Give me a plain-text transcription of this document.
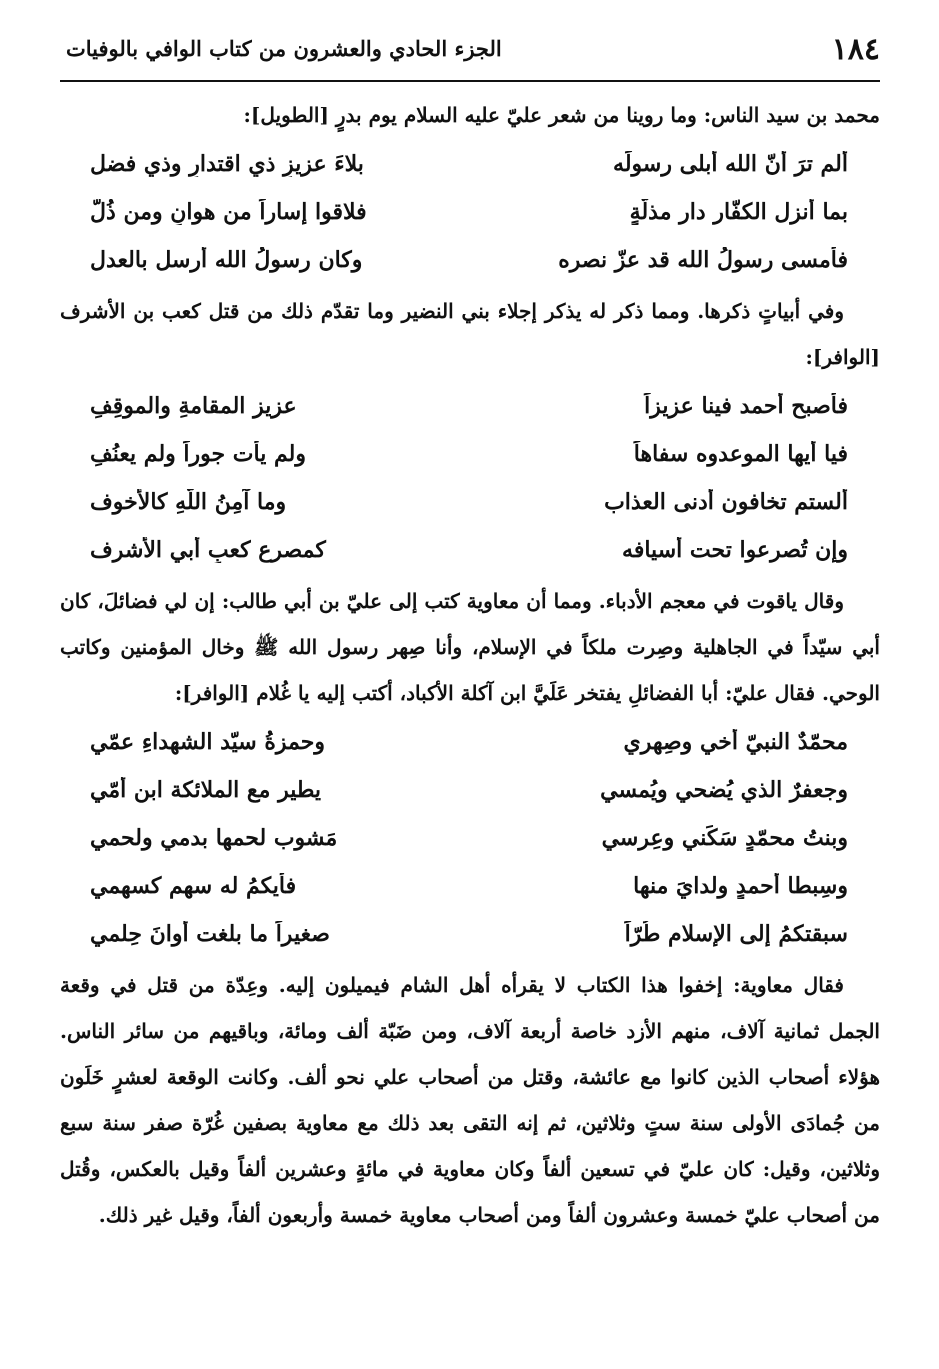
١٨٤
الجزء الحادي والعشرون من كتاب الوافي بالوفيات

محمد بن سيد الناس: وما روينا من شعر عليّ عليه السلام يوم بدرٍ [الطويل]:

ألم ترَ أنّ الله أبلى رسولَه
بلاءَ عزيزٍ ذي اقتدارٍ وذي فضل
بما أنزل الكفّار دار مذلّةٍ
فلاقوا إساراً من هوانٍ ومن ذُلّ
فأمسى رسولُ الله قد عزّ نصره
وكان رسولُ الله أرسل بالعدل

وفي أبياتٍ ذكرها. ومما ذكر له يذكر إجلاء بني النضير وما تقدّم ذلك من قتل كعب بن الأشرف [الوافر]:

فأصبح أحمد فينا عزيزاً
عزيز المقامةِ والموقِفِ
فيا أيها الموعدوه سفاهاً
ولم يأت جوراً ولم يعنُفِ
ألستم تخافون أدنى العذاب
وما آمِنُ اللّهِ كالأخوف
وإن تُصرعوا تحت أسيافه
كمصرعِ كعبِ أبي الأشرف

وقال ياقوت في معجم الأدباء. ومما أن معاوية كتب إلى عليّ بن أبي طالب: إن لي فضائلَ، كان أبي سيّداً في الجاهلية وصِرت ملكاً في الإسلام، وأنا صِهر رسول الله ﷺ وخال المؤمنين وكاتب الوحي. فقال عليّ: أبا الفضائلِ يفتخر عَلَيَّ ابن آكلة الأكباد، أكتب إليه يا غُلام [الوافر]:

محمّدٌ النبيّ أخي وصِهري
وحمزةُ سيّد الشهداءِ عمّي
وجعفرٌ الذي يُضحي ويُمسي
يطير مع الملائكة ابن أمّي
وبنتُ محمّدٍ سَكَني وعِرسي
مَشوب لحمها بدمي ولحمي
وسِبطا أحمدٍ ولدايَ منها
فأيكمُ له سهم كسهمي
سبقتكمُ إلى الإسلام طُرّاً
صغيراً ما بلغت أوانَ حِلمي

فقال معاوية: إخفوا هذا الكتاب لا يقرأه أهل الشام فيميلون إليه. وعِدّة من قتل في وقعة الجمل ثمانية آلاف، منهم الأزد خاصة أربعة آلاف، ومن ضَبّة ألف ومائة، وباقيهم من سائر الناس. هؤلاء أصحاب الذين كانوا مع عائشة، وقتل من أصحاب علي نحو ألف. وكانت الوقعة لعشرٍ خَلَون من جُمادَى الأولى سنة ستٍ وثلاثين، ثم إنه التقى بعد ذلك مع معاوية بصفين غُرّة صفر سنة سبع وثلاثين، وقيل: كان عليّ في تسعين ألفاً وكان معاوية في مائةٍ وعشرين ألفاً وقيل بالعكس، وقُتل من أصحاب عليّ خمسة وعشرون ألفاً ومن أصحاب معاوية خمسة وأربعون ألفاً، وقيل غير ذلك.
